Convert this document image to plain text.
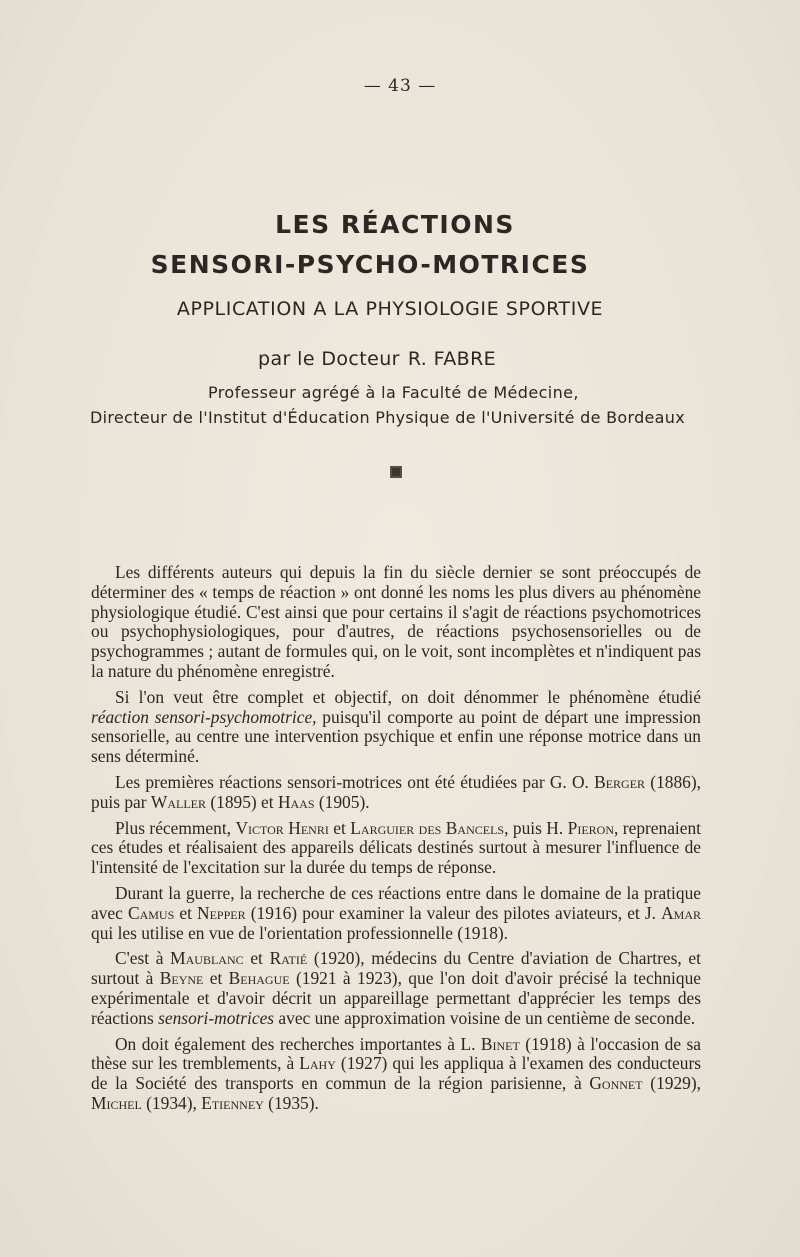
— 43 —
LES RÉACTIONS
SENSORI-PSYCHO-MOTRICES
APPLICATION A LA PHYSIOLOGIE SPORTIVE
par le Docteur R. FABRE
Professeur agrégé à la Faculté de Médecine,
Directeur de l'Institut d'Éducation Physique de l'Université de Bordeaux

Les différents auteurs qui depuis la fin du siècle dernier se sont préoccupés de déterminer des « temps de réaction » ont donné les noms les plus divers au phénomène physiologique étudié. C'est ainsi que pour certains il s'agit de réactions psychomotrices ou psychophysiologiques, pour d'autres, de réactions psychosensorielles ou de psychogrammes ; autant de formules qui, on le voit, sont incomplètes et n'indiquent pas la nature du phénomène enregistré.

Si l'on veut être complet et objectif, on doit dénommer le phénomène étudié réaction sensori-psychomotrice, puisqu'il comporte au point de départ une impression sensorielle, au centre une intervention psychique et enfin une réponse motrice dans un sens déterminé.

Les premières réactions sensori-motrices ont été étudiées par G. O. Berger (1886), puis par Waller (1895) et Haas (1905).

Plus récemment, Victor Henri et Larguier des Bancels, puis H. Pieron, reprenaient ces études et réalisaient des appareils délicats destinés surtout à mesurer l'influence de l'intensité de l'excitation sur la durée du temps de réponse.

Durant la guerre, la recherche de ces réactions entre dans le domaine de la pratique avec Camus et Nepper (1916) pour examiner la valeur des pilotes aviateurs, et J. Amar qui les utilise en vue de l'orientation professionnelle (1918).

C'est à Maublanc et Ratié (1920), médecins du Centre d'aviation de Chartres, et surtout à Beyne et Behague (1921 à 1923), que l'on doit d'avoir précisé la technique expérimentale et d'avoir décrit un appareillage permettant d'apprécier les temps des réactions sensori-motrices avec une approximation voisine de un centième de seconde.

On doit également des recherches importantes à L. Binet (1918) à l'occasion de sa thèse sur les tremblements, à Lahy (1927) qui les appliqua à l'examen des conducteurs de la Société des transports en commun de la région parisienne, à Gonnet (1929), Michel (1934), Etienney (1935).
